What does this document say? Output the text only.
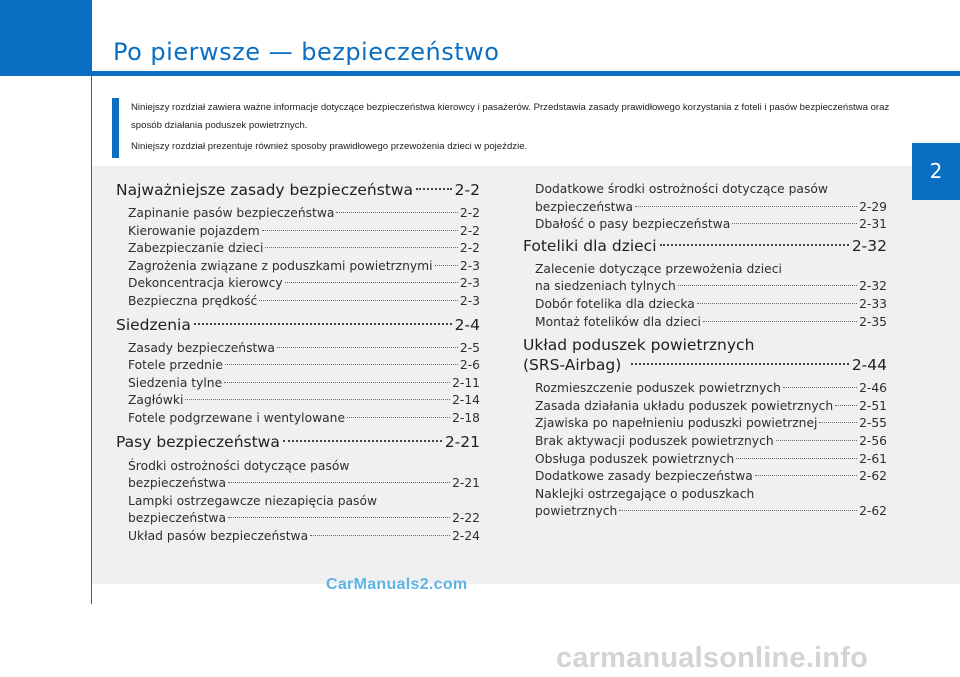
Po pierwsze — bezpieczeństwo

Niniejszy rozdział zawiera ważne informacje dotyczące bezpieczeństwa kierowcy i pasażerów. Przedstawia zasady prawidłowego korzystania z foteli i pasów bezpieczeństwa oraz sposób działania poduszek powietrznych.

Niniejszy rozdział prezentuje również sposoby prawidłowego przewożenia dzieci w pojeździe.

2
Najważniejsze zasady bezpieczeństwa	2-2
Zapinanie pasów bezpieczeństwa	2-2
Kierowanie pojazdem	2-2
Zabezpieczanie dzieci	2-2
Zagrożenia związane z poduszkami powietrznymi 2-3
Dekoncentracja kierowcy	2-3
Bezpieczna prędkość	2-3
Siedzenia	2-4
Zasady bezpieczeństwa	2-5
Fotele przednie	2-6
Siedzenia tylne	2-11
Zagłówki	2-14
Fotele podgrzewane i wentylowane	2-18
Pasy bezpieczeństwa	2-21
Środki ostrożności dotyczące pasów
bezpieczeństwa	2-21
Lampki ostrzegawcze niezapięcia pasów
bezpieczeństwa	2-22
Układ pasów bezpieczeństwa	2-24
Dodatkowe środki ostrożności dotyczące pasów
bezpieczeństwa	2-29
Dbałość o pasy bezpieczeństwa	2-31
Foteliki dla dzieci	2-32
Zalecenie dotyczące przewożenia dzieci
na siedzeniach tylnych	2-32
Dobór fotelika dla dziecka	2-33
Montaż fotelików dla dzieci	2-35
Układ poduszek powietrznych
(SRS-Airbag)	2-44
Rozmieszczenie poduszek powietrznych	2-46
Zasada działania układu poduszek powietrznych 2-51
Zjawiska po napełnieniu poduszki powietrznej	2-55
Brak aktywacji poduszek powietrznych	2-56
Obsługa poduszek powietrznych	2-61
Dodatkowe zasady bezpieczeństwa	2-62
Naklejki ostrzegające o poduszkach
powietrznych	2-62
CarManuals2.com
carmanualsonline.info
